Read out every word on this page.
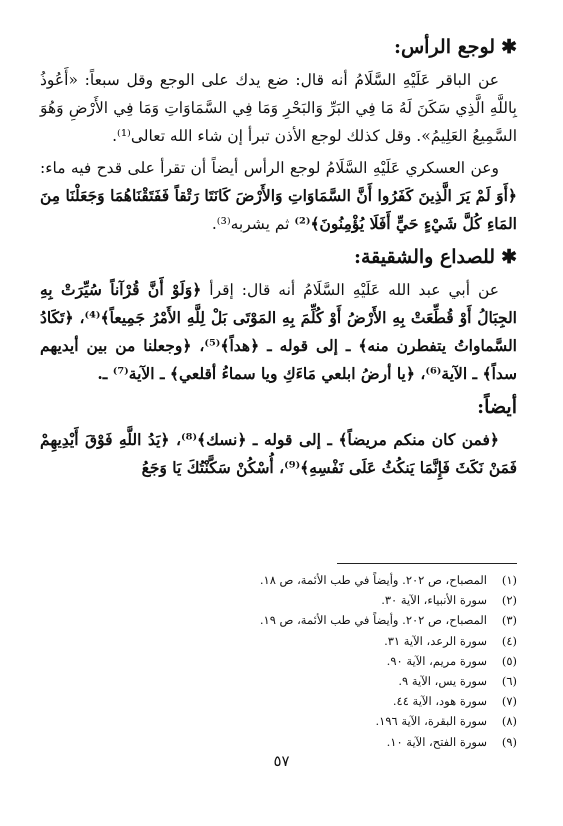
✱لوجع الرأس:
عن الباقر عَلَيْهِ السَّلَامُ أنه قال: ضع يدك على الوجع وقل سبعاً: «أَعُوذُ بِاللَّهِ الَّذِي سَكَنَ لَهُ مَا فِي البَرِّ وَالبَحْرِ وَمَا فِي السَّمَاوَاتِ وَمَا فِي الأَرْضِ وَهُوَ السَّمِيعُ العَلِيمُ». وقل كذلك لوجع الأذن تبرأ إن شاء الله تعالى⁽¹⁾.
وعن العسكري عَلَيْهِ السَّلَامُ لوجع الرأس أيضاً أن تقرأ على قدح فيه ماء: ﴿أَوَ لَمْ يَرَ الَّذِينَ كَفَرُوا أَنَّ السَّمَاوَاتِ وَالأَرْضَ كَانَتَا رَتْقاً فَفَتَقْنَاهُمَا وَجَعَلْنَا مِنَ المَاءِ كُلَّ شَيْءٍ حَيٍّ أَفَلَا يُؤْمِنُونَ﴾⁽²⁾ ثم يشربه⁽³⁾.
✱للصداع والشقيقة:
عن أبي عبد الله عَلَيْهِ السَّلَامُ أنه قال: إقرأ ﴿وَلَوْ أَنَّ قُرْآناً سُيِّرَتْ بِهِ الجِبَالُ أَوْ قُطِّعَتْ بِهِ الأَرْضُ أَوْ كُلِّمَ بِهِ المَوْتَى بَلْ لِلَّهِ الأَمْرُ جَمِيعاً﴾⁽⁴⁾، ﴿تَكَادُ السَّماواتُ يتفطرن منه﴾ ـ إلى قوله ـ ﴿هداً﴾⁽⁵⁾، ﴿وجعلنا من بين أيديهم سداً﴾ ـ الآية⁽⁶⁾، ﴿يا أرضُ ابلعي مَاءَكِ ويا سماءُ أقلعي﴾ ـ الآية⁽⁷⁾ ـ.
أيضاً:
﴿فمن كان منكم مريضاً﴾ ـ إلى قوله ـ ﴿نسك﴾⁽⁸⁾، ﴿يَدُ اللَّهِ فَوْقَ أَيْدِيهِمْ فَمَنْ نَكَثَ فَإِنَّمَا يَنكُثُ عَلَى نَفْسِهِ﴾⁽⁹⁾، أُسْكُنْ سَكَّنْتُكَ يَا وَجَعُ
(١)
المصباح، ص ٢٠٢. وأيضاً في طب الأئمة، ص ١٨.
(٢)
سورة الأنبياء، الآية ٣٠.
(٣)
المصباح، ص ٢٠٢. وأيضاً في طب الأئمة، ص ١٩.
(٤)
سورة الرعد، الآية ٣١.
(٥)
سورة مريم، الآية ٩٠.
(٦)
سورة يس، الآية ٩.
(٧)
سورة هود، الآية ٤٤.
(٨)
سورة البقرة، الآية ١٩٦.
(٩)
سورة الفتح، الآية ١٠.
٥٧
